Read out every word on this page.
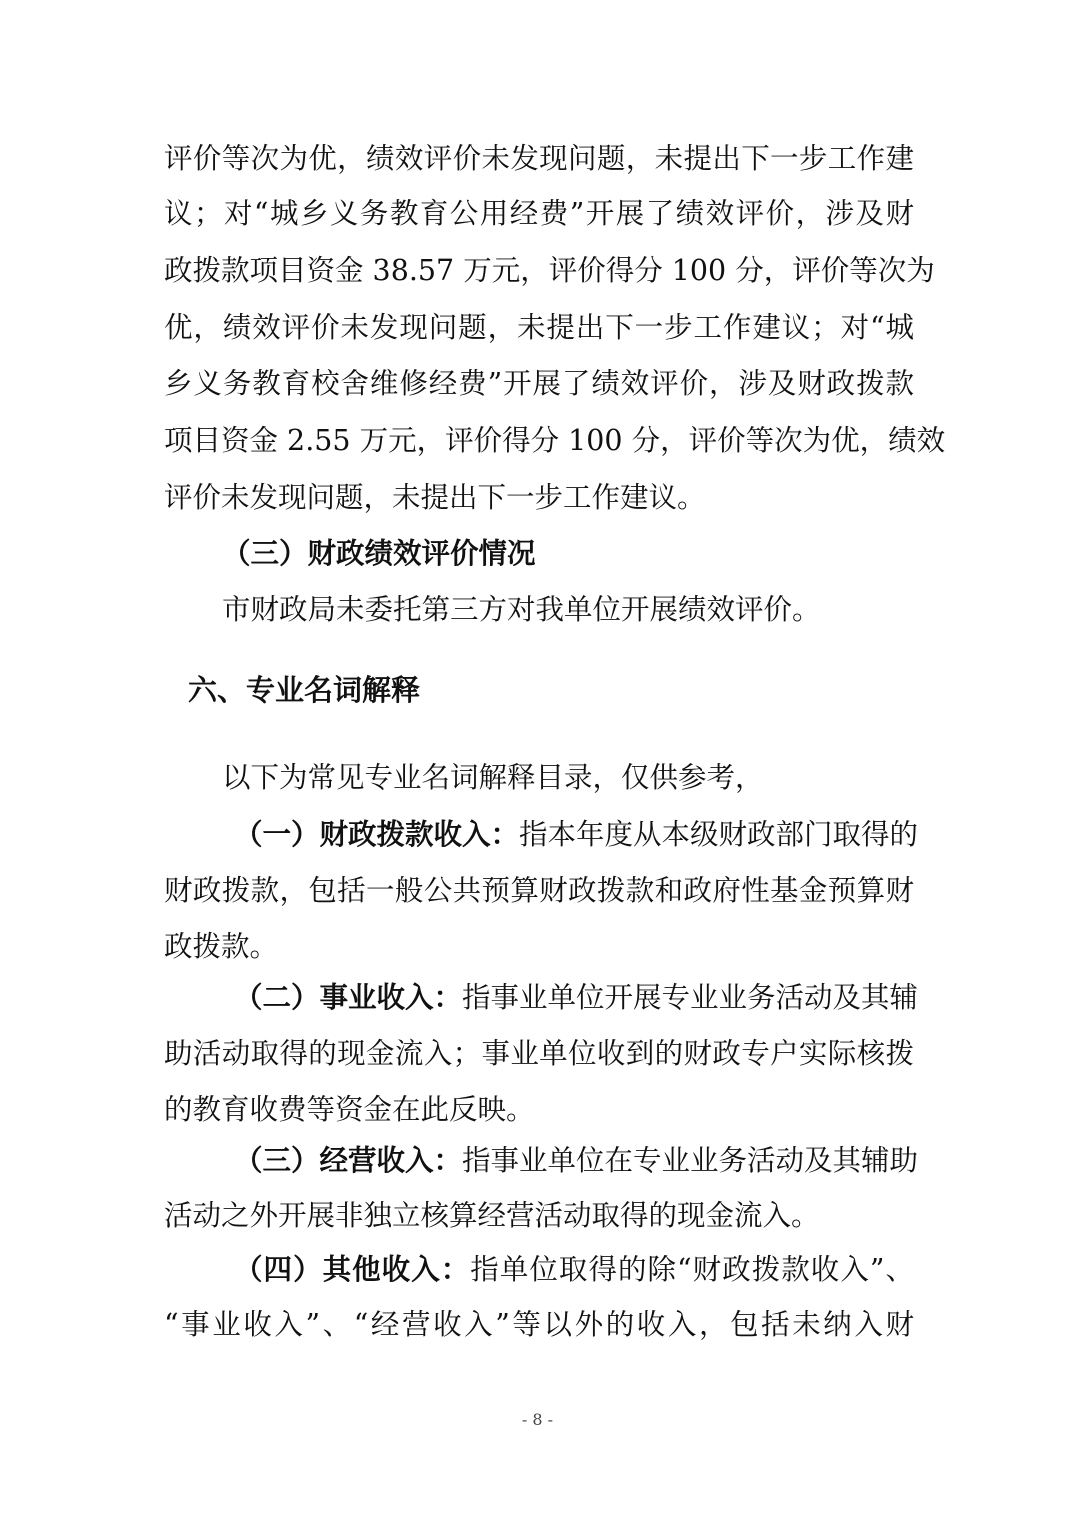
评价等次为优，绩效评价未发现问题，未提出下一步工作建
议；对“城乡义务教育公用经费”开展了绩效评价，涉及财
政拨款项目资金 38.57 万元，评价得分 100 分，评价等次为
优，绩效评价未发现问题，未提出下一步工作建议；对“城
乡义务教育校舍维修经费”开展了绩效评价，涉及财政拨款
项目资金 2.55 万元，评价得分 100 分，评价等次为优，绩效
评价未发现问题，未提出下一步工作建议。
（三）财政绩效评价情况
市财政局未委托第三方对我单位开展绩效评价。
六、专业名词解释
以下为常见专业名词解释目录，仅供参考，
（一）财政拨款收入：指本年度从本级财政部门取得的
财政拨款，包括一般公共预算财政拨款和政府性基金预算财
政拨款。
（二）事业收入：指事业单位开展专业业务活动及其辅
助活动取得的现金流入；事业单位收到的财政专户实际核拨
的教育收费等资金在此反映。
（三）经营收入：指事业单位在专业业务活动及其辅助
活动之外开展非独立核算经营活动取得的现金流入。
（四）其他收入：指单位取得的除“财政拨款收入”、
“事业收入”、“经营收入”等以外的收入，包括未纳入财
- 8 -
